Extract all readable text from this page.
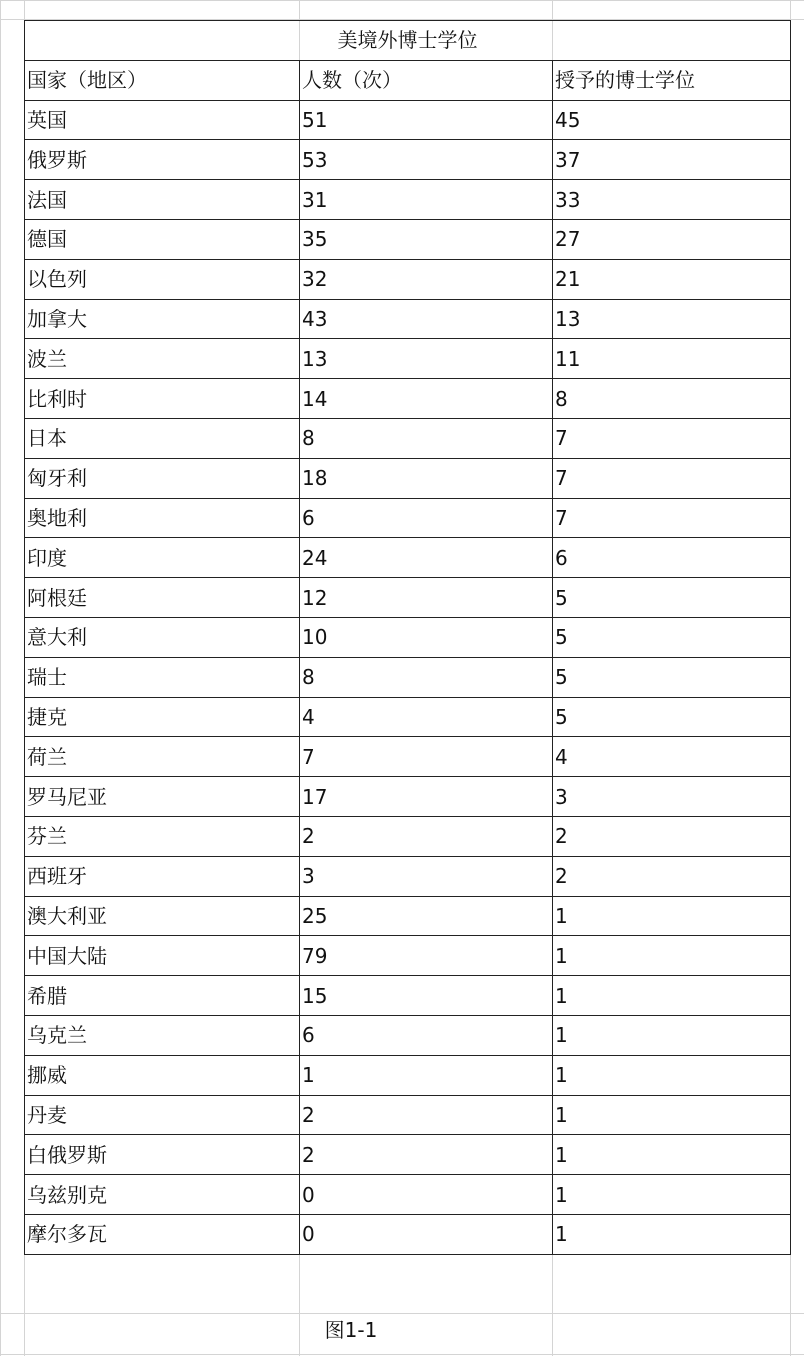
美境外博士学位		
国家（地区）	人数（次）	授予的博士学位
英国	51	45
俄罗斯	53	37
法国	31	33
德国	35	27
以色列	32	21
加拿大	43	13
波兰	13	11
比利时	14	8
日本	8	7
匈牙利	18	7
奥地利	6	7
印度	24	6
阿根廷	12	5
意大利	10	5
瑞士	8	5
捷克	4	5
荷兰	7	4
罗马尼亚	17	3
芬兰	2	2
西班牙	3	2
澳大利亚	25	1
中国大陆	79	1
希腊	15	1
乌克兰	6	1
挪威	1	1
丹麦	2	1
白俄罗斯	2	1
乌兹别克	0	1
摩尔多瓦	0	1
图1-1
